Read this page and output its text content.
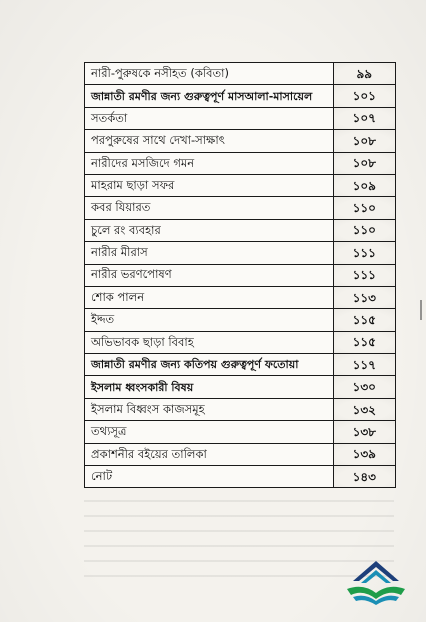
নারী-পুরুষকে নসীহত (কবিতা)	৯৯
জান্নাতী রমণীর জন্য গুরুত্বপূর্ণ মাসআলা-মাসায়েল	১০১
সতর্কতা	১০৭
পরপুরুষের সাথে দেখা-সাক্ষাৎ	১০৮
নারীদের মসজিদে গমন	১০৮
মাহরাম ছাড়া সফর	১০৯
কবর যিয়ারত	১১০
চুলে রং ব্যবহার	১১০
নারীর মীরাস	১১১
নারীর ভরণপোষণ	১১১
শোক পালন	১১৩
ইদ্দত	১১৫
অভিভাবক ছাড়া বিবাহ	১১৫
জান্নাতী রমণীর জন্য কতিপয় গুরুত্বপূর্ণ ফতোয়া	১১৭
ইসলাম ধ্বংসকারী বিষয়	১৩০
ইসলাম বিধ্বংস কাজসমূহ	১৩২
তথ্যসূত্র	১৩৮
প্রকাশনীর বইয়ের তালিকা	১৩৯
নোট	১৪৩
